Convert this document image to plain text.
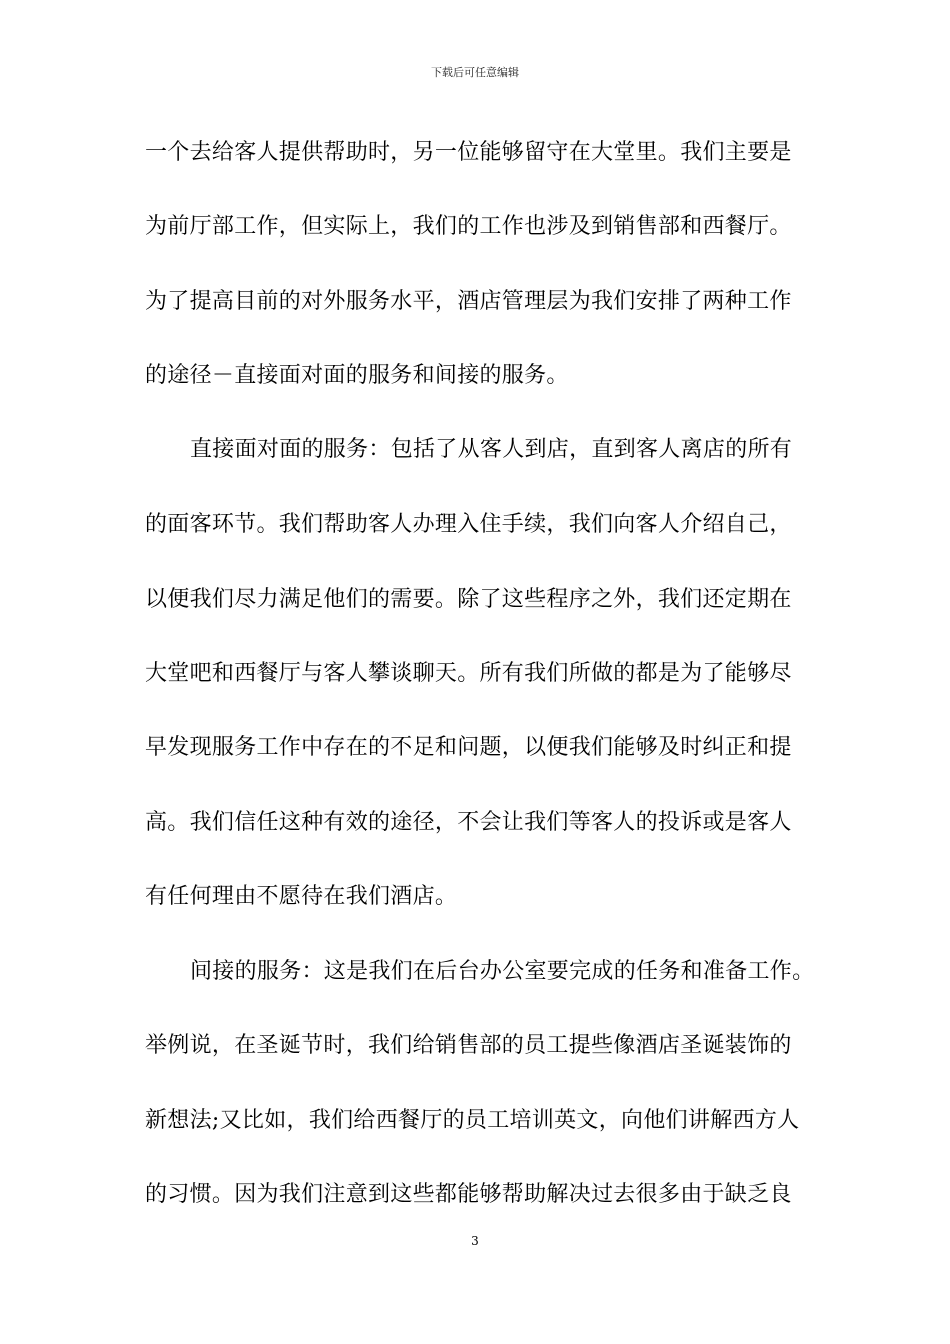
下载后可任意编辑
一个去给客人提供帮助时，另一位能够留守在大堂里。我们主要是
为前厅部工作，但实际上，我们的工作也涉及到销售部和西餐厅。
为了提高目前的对外服务水平，酒店管理层为我们安排了两种工作
的途径－直接面对面的服务和间接的服务。
直接面对面的服务：包括了从客人到店，直到客人离店的所有
的面客环节。我们帮助客人办理入住手续，我们向客人介绍自己，
以便我们尽力满足他们的需要。除了这些程序之外，我们还定期在
大堂吧和西餐厅与客人攀谈聊天。所有我们所做的都是为了能够尽
早发现服务工作中存在的不足和问题，以便我们能够及时纠正和提
高。我们信任这种有效的途径，不会让我们等客人的投诉或是客人
有任何理由不愿待在我们酒店。
间接的服务：这是我们在后台办公室要完成的任务和准备工作。
举例说，在圣诞节时，我们给销售部的员工提些像酒店圣诞装饰的
新想法;又比如，我们给西餐厅的员工培训英文，向他们讲解西方人
的习惯。因为我们注意到这些都能够帮助解决过去很多由于缺乏良
3
